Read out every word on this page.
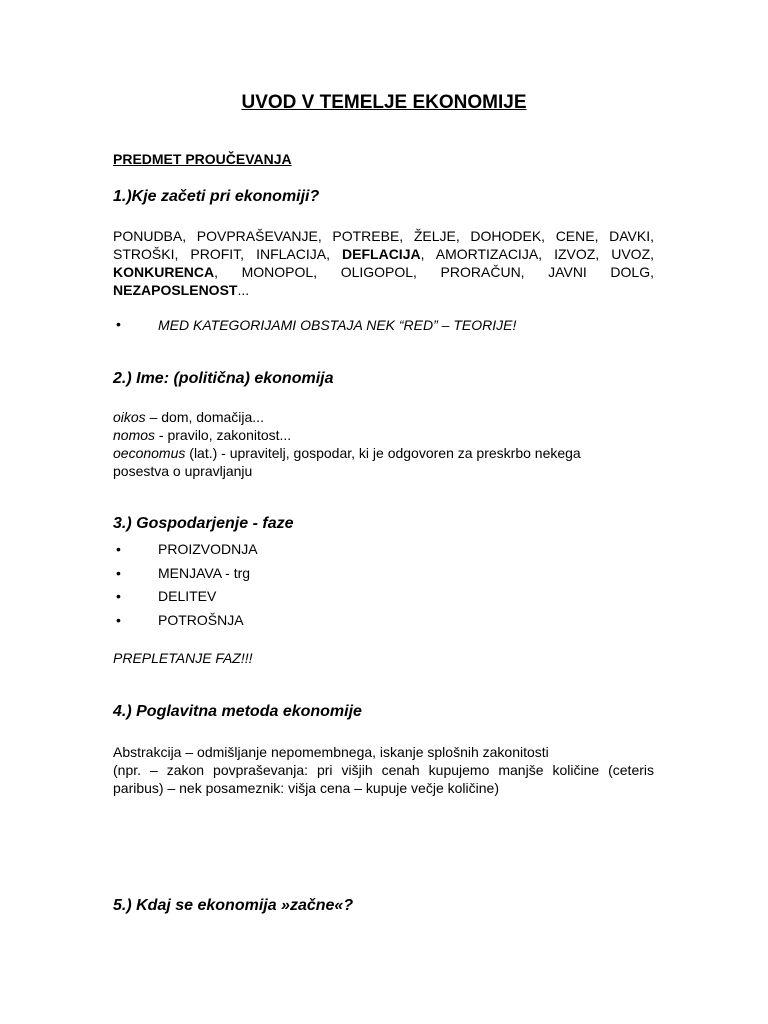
UVOD V TEMELJE EKONOMIJE
PREDMET PROUČEVANJA
1.)Kje začeti pri ekonomiji?
PONUDBA, POVPRAŠEVANJE, POTREBE, ŽELJE, DOHODEK, CENE, DAVKI,
STROŠKI, PROFIT, INFLACIJA, DEFLACIJA, AMORTIZACIJA, IZVOZ, UVOZ,
KONKURENCA, MONOPOL, OLIGOPOL, PRORAČUN, JAVNI DOLG,
NEZAPOSLENOST...
•	MED KATEGORIJAMI OBSTAJA NEK “RED” – TEORIJE!
2.) Ime: (politična) ekonomija
oikos – dom, domačija...
nomos - pravilo, zakonitost...
oeconomus (lat.) - upravitelj, gospodar, ki je odgovoren za preskrbo nekega
posestva o upravljanju
3.) Gospodarjenje - faze
•	PROIZVODNJA
•	MENJAVA - trg
•	DELITEV
•	POTROŠNJA
PREPLETANJE FAZ!!!
4.) Poglavitna metoda ekonomije
Abstrakcija – odmišljanje nepomembnega, iskanje splošnih zakonitosti
(npr. – zakon povpraševanja: pri višjih cenah kupujemo manjše količine (ceteris
paribus) – nek posameznik: višja cena – kupuje večje količine)
5.) Kdaj se ekonomija »začne«?
